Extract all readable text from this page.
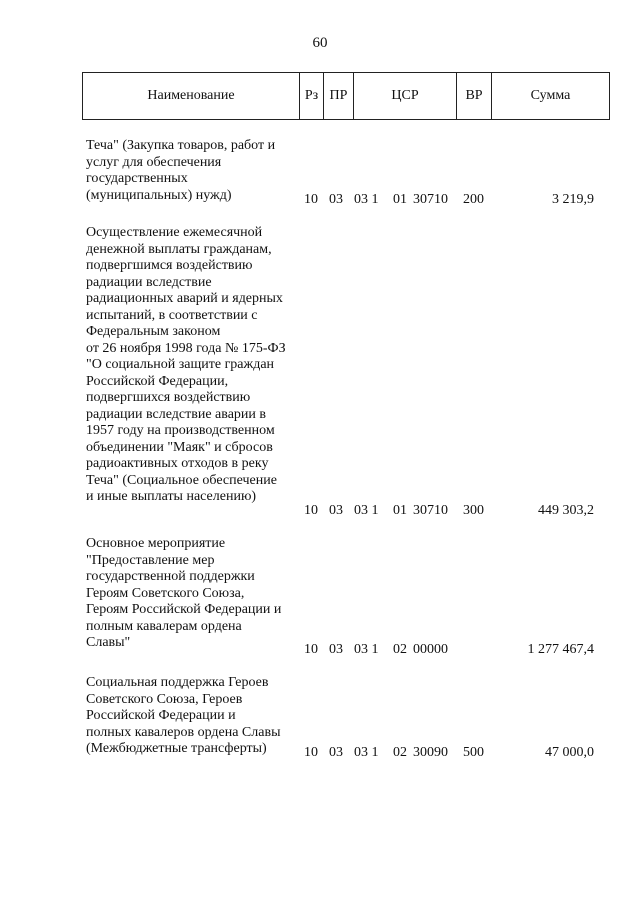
60
Наименование	Рз ПР	ЦСР	ВР	Сумма
Теча" (Закупка товаров, работ и
услуг для обеспечения
государственных
(муниципальных) нужд)	10 03 03 1 01 30710 200	3 219,9
Осуществление ежемесячной
денежной выплаты гражданам,
подвергшимся воздействию
радиации вследствие
радиационных аварий и ядерных
испытаний, в соответствии с
Федеральным законом
от 26 ноября 1998 года № 175-ФЗ
"О социальной защите граждан
Российской Федерации,
подвергшихся воздействию
радиации вследствие аварии в
1957 году на производственном
объединении "Маяк" и сбросов
радиоактивных отходов в реку
Теча" (Социальное обеспечение
и иные выплаты населению)
10 03 03 1 01 30710 300	449 303,2
Основное мероприятие
"Предоставление мер
государственной поддержки
Героям Советского Союза,
Героям Российской Федерации и
полным кавалерам ордена
Славы"	10 03 03 1 02 00000	1 277 467,4
Социальная поддержка Героев
Советского Союза, Героев
Российской Федерации и
полных кавалеров ордена Славы
(Межбюджетные трансферты)	10 03 03 1 02 30090 500	47 000,0
